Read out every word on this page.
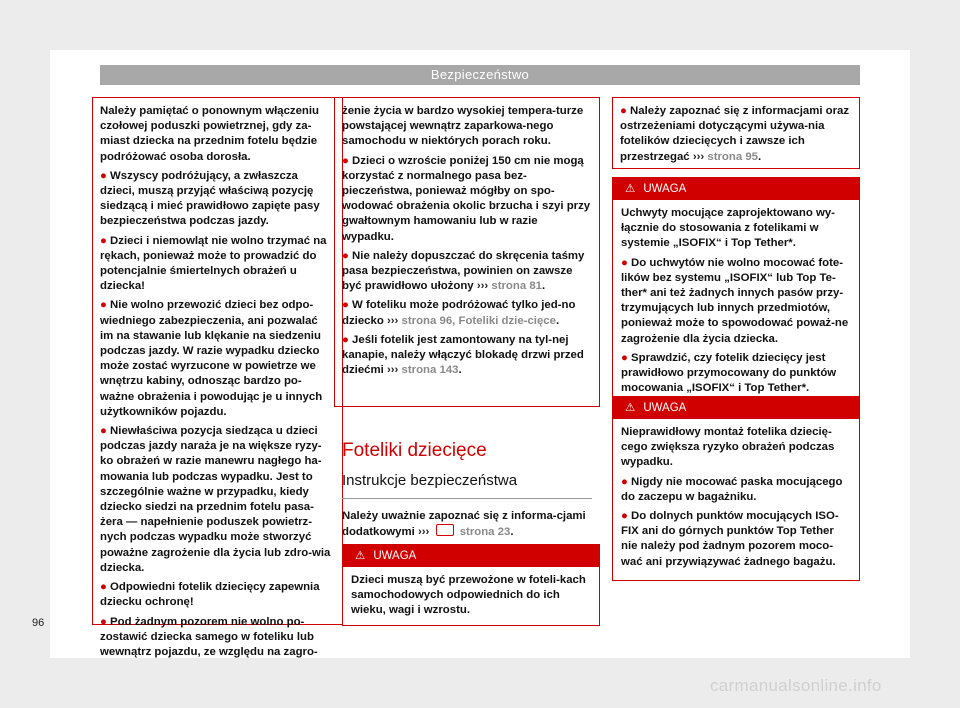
Bezpieczeństwo

Należy pamiętać o ponownym włączeniu czołowej poduszki powietrznej, gdy za-miast dziecka na przednim fotelu będzie podróżować osoba dorosła.

● Wszyscy podróżujący, a zwłaszcza dzieci, muszą przyjąć właściwą pozycję siedzącą i mieć prawidłowo zapięte pasy bezpieczeństwa podczas jazdy.

● Dzieci i niemowląt nie wolno trzymać na rękach, ponieważ może to prowadzić do potencjalnie śmiertelnych obrażeń u dziecka!

● Nie wolno przewozić dzieci bez odpo-wiedniego zabezpieczenia, ani pozwalać im na stawanie lub klękanie na siedzeniu podczas jazdy. W razie wypadku dziecko może zostać wyrzucone w powietrze we wnętrzu kabiny, odnosząc bardzo po-ważne obrażenia i powodując je u innych użytkowników pojazdu.

● Niewłaściwa pozycja siedząca u dzieci podczas jazdy naraża je na większe ryzy-ko obrażeń w razie manewru nagłego ha-mowania lub podczas wypadku. Jest to szczególnie ważne w przypadku, kiedy dziecko siedzi na przednim fotelu pasa-żera — napełnienie poduszek powietrz-nych podczas wypadku może stworzyć poważne zagrożenie dla życia lub zdro-wia dziecka.

● Odpowiedni fotelik dziecięcy zapewnia dziecku ochronę!

● Pod żadnym pozorem nie wolno po-zostawić dziecka samego w foteliku lub wewnątrz pojazdu, ze względu na zagro-

żenie życia w bardzo wysokiej tempera-turze powstającej wewnątrz zaparkowa-nego samochodu w niektórych porach roku.

● Dzieci o wzroście poniżej 150 cm nie mogą korzystać z normalnego pasa bez-pieczeństwa, ponieważ mógłby on spo-wodować obrażenia okolic brzucha i szyi przy gwałtownym hamowaniu lub w razie wypadku.

● Nie należy dopuszczać do skręcenia taśmy pasa bezpieczeństwa, powinien on zawsze być prawidłowo ułożony ››› strona 81.

● W foteliku może podróżować tylko jed-no dziecko ››› strona 96, Foteliki dzie-cięce.

● Jeśli fotelik jest zamontowany na tyl-nej kanapie, należy włączyć blokadę drzwi przed dziećmi ››› strona 143.

Foteliki dziecięce
Instrukcje bezpieczeństwa

Należy uważnie zapoznać się z informa-cjami dodatkowymi ›››	strona 23.

⚠ UWAGA
Dzieci muszą być przewożone w foteli-kach samochodowych odpowiednich do ich wieku, wagi i wzrostu.

● Należy zapoznać się z informacjami oraz ostrzeżeniami dotyczącymi używa-nia fotelików dziecięcych i zawsze ich przestrzegać ››› strona 95.

⚠ UWAGA

Uchwyty mocujące zaprojektowano wy-łącznie do stosowania z fotelikami w systemie „ISOFIX“ i Top Tether*.

● Do uchwytów nie wolno mocować fote-lików bez systemu „ISOFIX“ lub Top Te-ther* ani też żadnych innych pasów przy-trzymujących lub innych przedmiotów, ponieważ może to spowodować poważ-ne zagrożenie dla życia dziecka.

● Sprawdzić, czy fotelik dziecięcy jest prawidłowo przymocowany do punktów mocowania „ISOFIX“ i Top Tether*.

⚠ UWAGA

Nieprawidłowy montaż fotelika dziecię-cego zwiększa ryzyko obrażeń podczas wypadku.

● Nigdy nie mocować paska mocującego do zaczepu w bagażniku.

● Do dolnych punktów mocujących ISO-FIX ani do górnych punktów Top Tether nie należy pod żadnym pozorem moco-wać ani przywiązywać żadnego bagażu.

96
carmanualsonline.info
